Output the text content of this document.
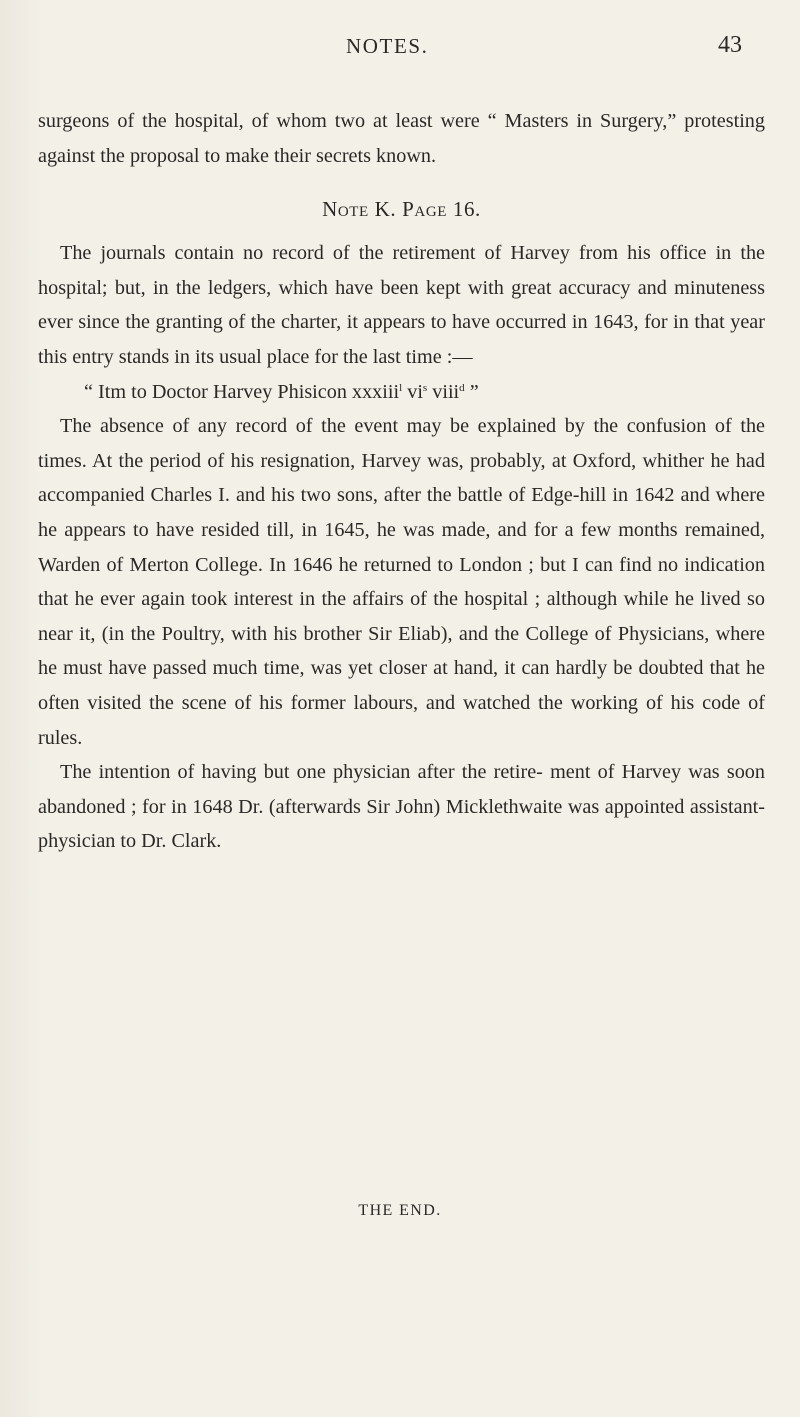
NOTES.	43

surgeons of the hospital, of whom two at least were “ Masters in Surgery,” protesting against the proposal to make their secrets known.

Note K. Page 16.

The journals contain no record of the retirement of Harvey from his office in the hospital; but, in the ledgers, which have been kept with great accuracy and minuteness ever since the granting of the charter, it appears to have occurred in 1643, for in that year this entry stands in its usual place for the last time :—

“ Itm to Doctor Harvey Phisicon xxxiii$^l$ $vi^s$ viii$^d$ ”

The absence of any record of the event may be explained by the confusion of the times. At the period of his resignation, Harvey was, probably, at Oxford, whither he had accompanied Charles I. and his two sons, after the battle of Edge-hill in 1642 and where he appears to have resided till, in 1645, he was made, and for a few months remained, Warden of Merton College. In 1646 he returned to London ; but I can find no indication that he ever again took interest in the affairs of the hospital ; although while he lived so near it, (in the Poultry, with his brother Sir Eliab), and the College of Physicians, where he must have passed much time, was yet closer at hand, it can hardly be doubted that he often visited the scene of his former labours, and watched the working of his code of rules.

The intention of having but one physician after the retire- ment of Harvey was soon abandoned ; for in 1648 Dr. (afterwards Sir John) Micklethwaite was appointed assistant-physician to Dr. Clark.

THE END.
